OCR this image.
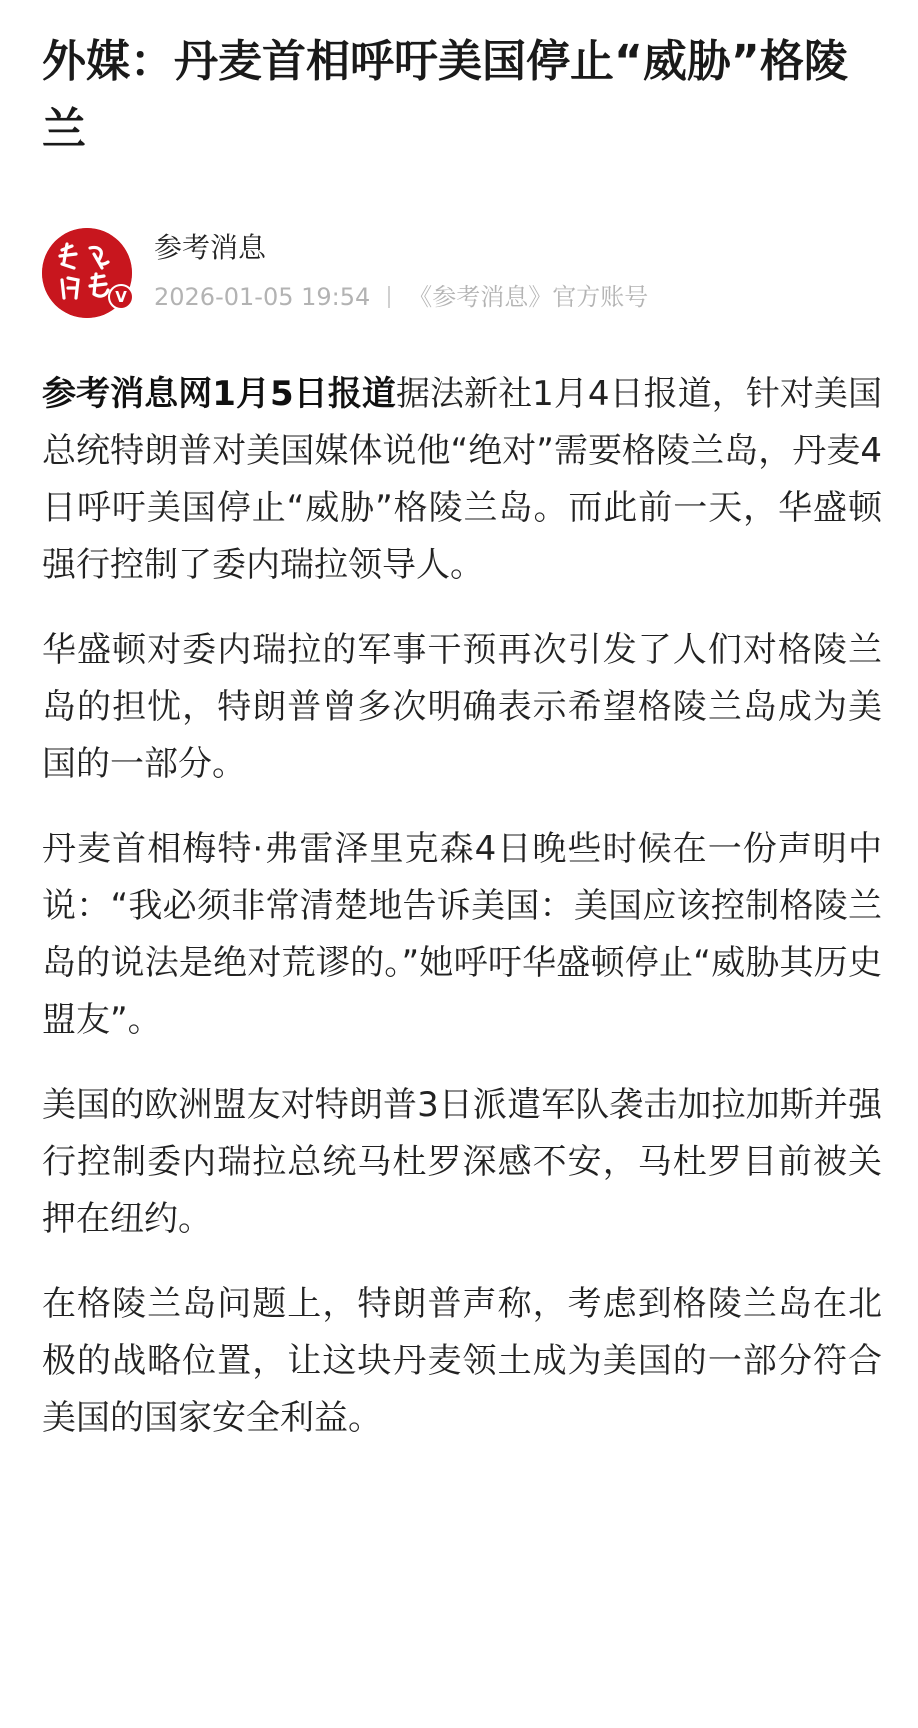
外媒：丹麦首相呼吁美国停止“威胁”格陵兰
V
参考消息
2026-01-05 19:54 《参考消息》官方账号

参考消息网1月5日报道据法新社1月4日报道，针对美国总统特朗普对美国媒体说他“绝对”需要格陵兰岛，丹麦4日呼吁美国停止“威胁”格陵兰岛。而此前一天，华盛顿强行控制了委内瑞拉领导人。

华盛顿对委内瑞拉的军事干预再次引发了人们对格陵兰岛的担忧，特朗普曾多次明确表示希望格陵兰岛成为美国的一部分。

丹麦首相梅特·弗雷泽里克森4日晚些时候在一份声明中说：“我必须非常清楚地告诉美国：美国应该控制格陵兰岛的说法是绝对荒谬的。”她呼吁华盛顿停止“威胁其历史盟友”。

美国的欧洲盟友对特朗普3日派遣军队袭击加拉加斯并强行控制委内瑞拉总统马杜罗深感不安，马杜罗目前被关押在纽约。

在格陵兰岛问题上，特朗普声称，考虑到格陵兰岛在北极的战略位置，让这块丹麦领土成为美国的一部分符合美国的国家安全利益。
